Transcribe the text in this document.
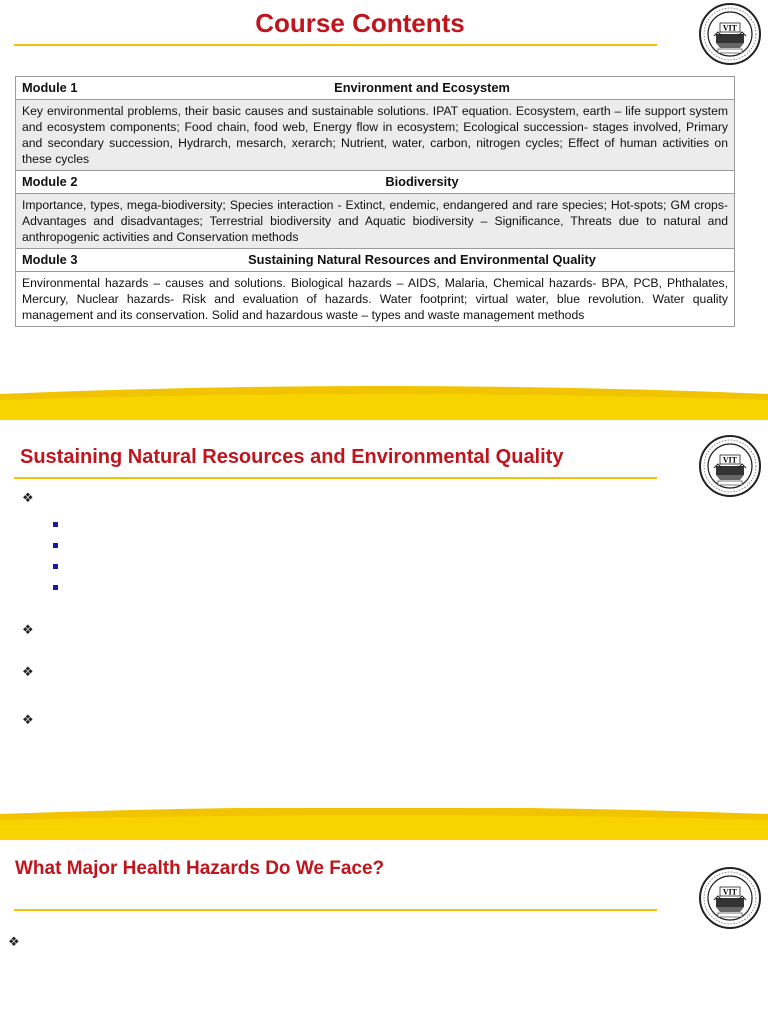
Course Contents
Module 1	Environment and Ecosystem
Key environmental problems, their basic causes and sustainable solutions. IPAT equation. Ecosystem, earth – life support system and ecosystem components; Food chain, food web, Energy flow in ecosystem; Ecological succession- stages involved, Primary and secondary succession, Hydrarch, mesarch, xerarch; Nutrient, water, carbon, nitrogen cycles; Effect of human activities on these cycles
Module 2	Biodiversity
Importance, types, mega-biodiversity; Species interaction - Extinct, endemic, endangered and rare species; Hot-spots; GM crops- Advantages and disadvantages; Terrestrial biodiversity and Aquatic biodiversity – Significance, Threats due to natural and anthropogenic activities and Conservation methods
Module 3	Sustaining Natural Resources and Environmental Quality
Environmental hazards – causes and solutions. Biological hazards – AIDS, Malaria, Chemical hazards- BPA, PCB, Phthalates, Mercury, Nuclear hazards- Risk and evaluation of hazards. Water footprint; virtual water, blue revolution. Water quality management and its conservation. Solid and hazardous waste – types and waste management methods
Sustaining Natural Resources and Environmental Quality
❖
❖
❖
❖
What Major Health Hazards Do We Face?
❖
